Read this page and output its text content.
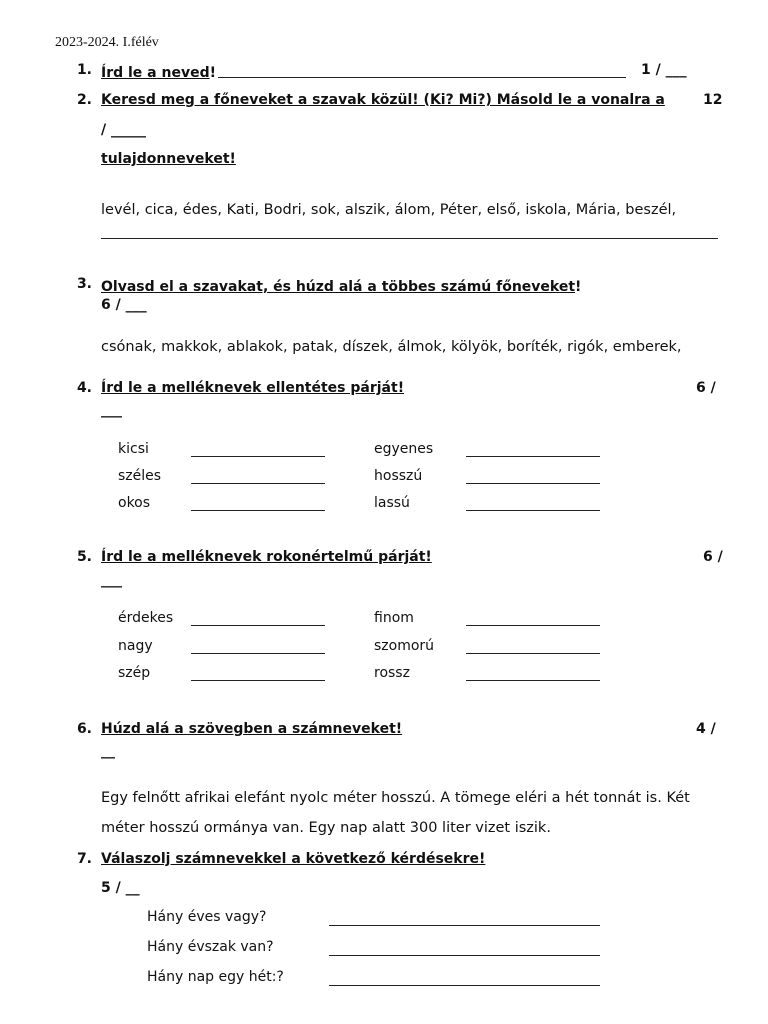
2023-2024. I.félév
1. Írd le a neved!	1 / ___
2. Keresd meg a főneveket a szavak közül! (Ki? Mi?) Másold le a vonalra a	12
/ _____
tulajdonneveket!
levél, cica, édes, Kati, Bodri, sok, alszik, álom, Péter, első, iskola, Mária, beszél,
3. Olvasd el a szavakat, és húzd alá a többes számú főneveket!
6 / ___
csónak, makkok, ablakok, patak, díszek, álmok, kölyök, boríték, rigók, emberek,
4. Írd le a melléknevek ellentétes párját!	6 /
___
kicsi	egyenes
széles	hosszú
okos	lassú
5. Írd le a melléknevek rokonértelmű párját!	6 /
___
érdekes	finom
nagy	szomorú
szép	rossz
6. Húzd alá a szövegben a számneveket!	4 /
__
Egy felnőtt afrikai elefánt nyolc méter hosszú. A tömege eléri a hét tonnát is. Két
méter hosszú ormánya van. Egy nap alatt 300 liter vizet iszik.
7. Válaszolj számnevekkel a következő kérdésekre!
5 / __
Hány éves vagy?
Hány évszak van?
Hány nap egy hét:?
